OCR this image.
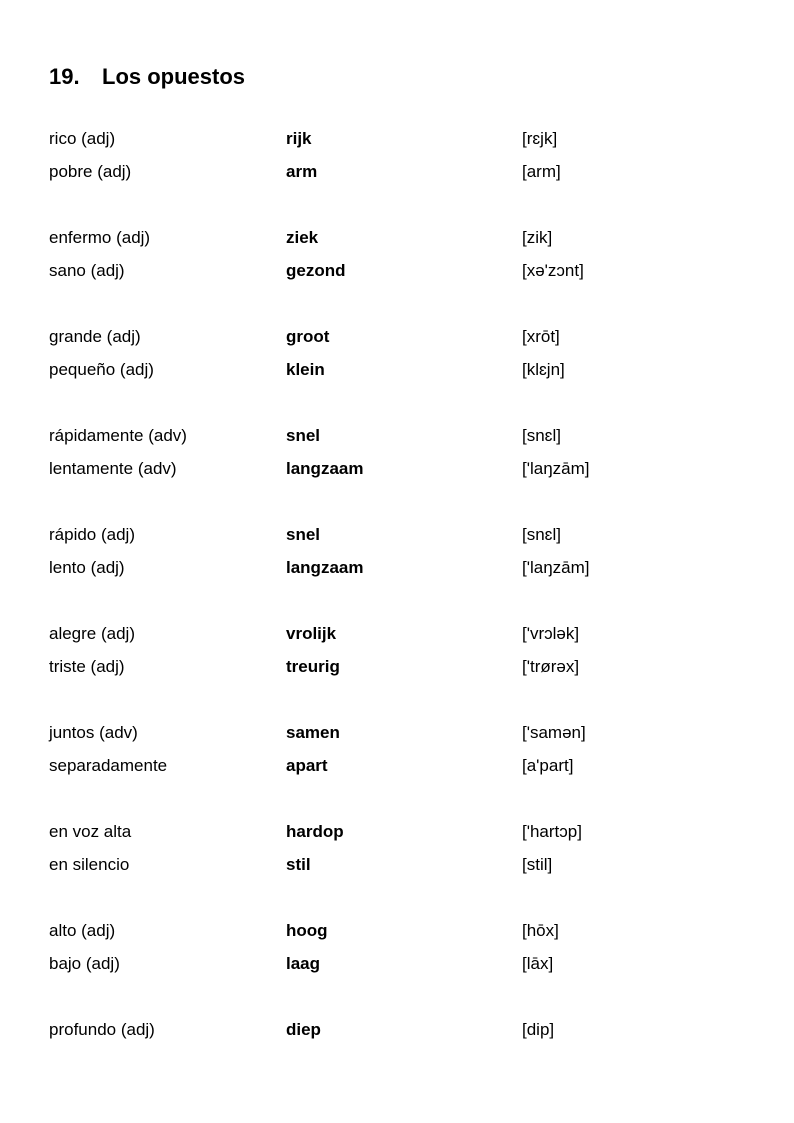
19. Los opuestos
rico (adj)	rijk	[rɛjk]
pobre (adj)	arm	[arm]
enfermo (adj)	ziek	[zik]
sano (adj)	gezond	[xə'zɔnt]
grande (adj)	groot	[xrōt]
pequeño (adj)	klein	[klɛjn]
rápidamente (adv)	snel	[snɛl]
lentamente (adv)	langzaam	['laŋzām]
rápido (adj)	snel	[snɛl]
lento (adj)	langzaam	['laŋzām]
alegre (adj)	vrolijk	['vrɔlək]
triste (adj)	treurig	['trørəx]
juntos (adv)	samen	['samən]
separadamente	apart	[a'part]
en voz alta	hardop	['hartɔp]
en silencio	stil	[stil]
alto (adj)	hoog	[hōx]
bajo (adj)	laag	[lāx]
profundo (adj)	diep	[dip]
